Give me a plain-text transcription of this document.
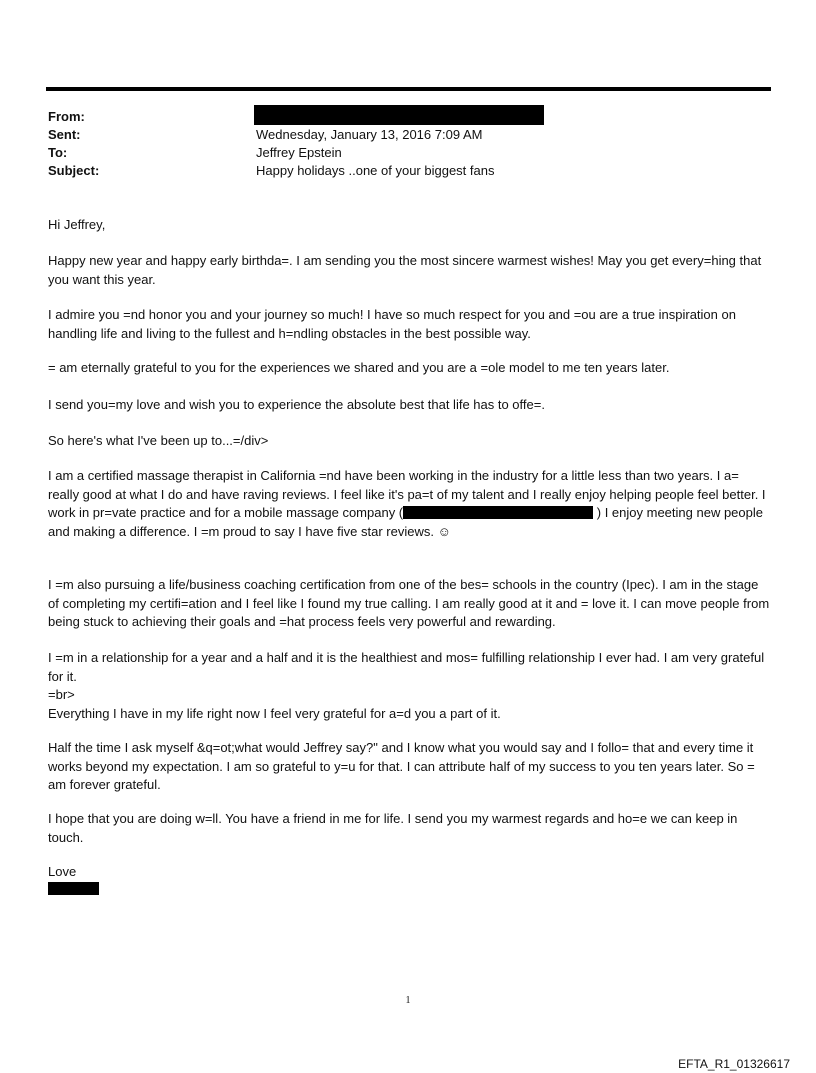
From:
Sent:	Wednesday, January 13, 2016 7:09 AM
To:	Jeffrey Epstein
Subject:	Happy holidays ..one of your biggest fans

Hi Jeffrey,

Happy new year and happy early birthda=. I am sending you the most sincere warmest wishes! May you get every=hing that you want this year.

I admire you =nd honor you and your journey so much! I have so much respect for you and =ou are a true inspiration on handling life and living to the fullest and h=ndling obstacles in the best possible way.

= am eternally grateful to you for the experiences we shared and you are a =ole model to me ten years later.

I send you=my love and wish you to experience the absolute best that life has to offe=.

So here's what I've been up to...=/div>

I am a certified massage therapist in California =nd have been working in the industry for a little less than two years. I a= really good at what I do and have raving reviews. I feel like it's pa=t of my talent and I really enjoy helping people feel better. I work in pr=vate practice and for a mobile massage company (	) I enjoy meeting new people and making a difference. I =m proud to say I have five star reviews. ☺

I =m also pursuing a life/business coaching certification from one of the bes= schools in the country (Ipec). I am in the stage of completing my certifi=ation and I feel like I found my true calling. I am really good at it and = love it. I can move people from being stuck to achieving their goals and =hat process feels very powerful and rewarding.

I =m in a relationship for a year and a half and it is the healthiest and mos= fulfilling relationship I ever had. I am very grateful for it.
=br>
Everything I have in my life right now I feel very grateful for a=d you a part of it.

Half the time I ask myself &q=ot;what would Jeffrey say?" and I know what you would say and I follo= that and every time it works beyond my expectation. I am so grateful to y=u for that. I can attribute half of my success to you ten years later. So = am forever grateful.

I hope that you are doing w=ll. You have a friend in me for life. I send you my warmest regards and ho=e we can keep in touch.

Love

1
EFTA_R1_01326617
